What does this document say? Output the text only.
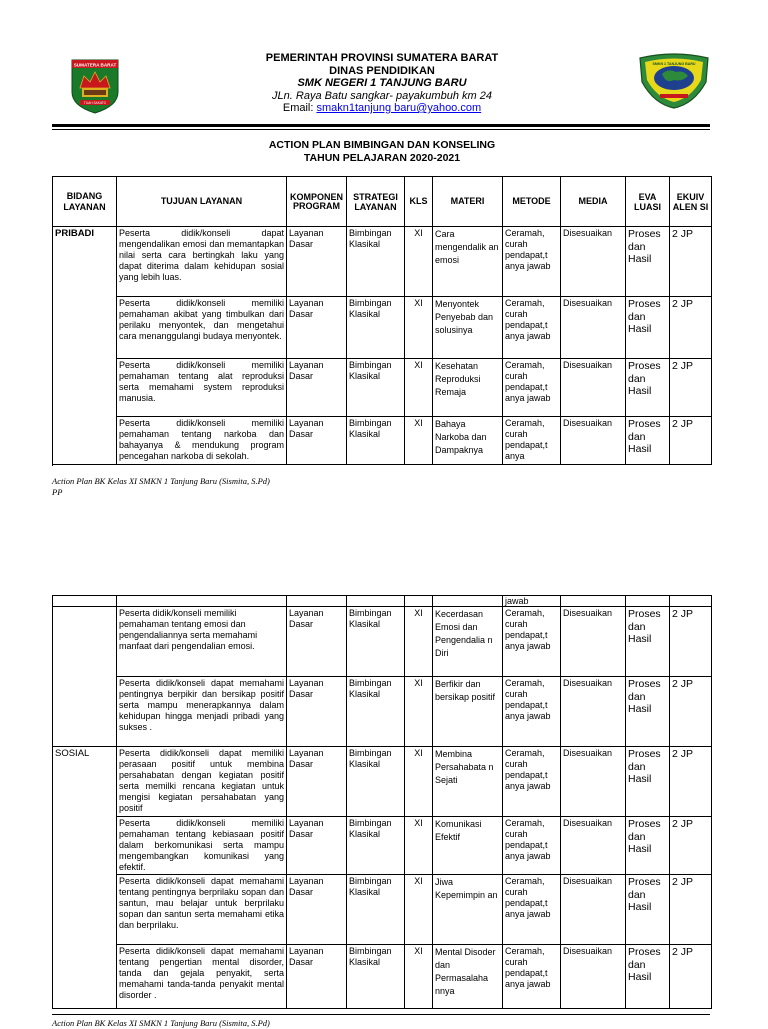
SUMATERA BARAT
TUAH SAKATO
PEMERINTAH PROVINSI SUMATERA BARAT
DINAS PENDIDIKAN
SMK NEGERI 1 TANJUNG BARU
JLn. Raya Batu sangkar- payakumbuh km 24
Email: smakn1tanjung baru@yahoo.com
SMKN 1 TANJUNG BARU
ACTION PLAN BIMBINGAN DAN KONSELING
TAHUN PELAJARAN 2020-2021
BIDANG LAYANAN	TUJUAN LAYANAN	KOMPONEN PROGRAM	STRATEGI LAYANAN	KLS	MATERI	METODE	MEDIA	EVA LUASI	EKUIV ALEN SI
PRIBADI	Peserta didik/konseli dapat mengendalikan emosi dan memantapkan nilai serta cara bertingkah laku yang dapat diterima dalam kehidupan sosial yang lebih luas.	Layanan Dasar	Bimbingan Klasikal	XI	Cara mengendalik an emosi	Ceramah, curah pendapat,t anya jawab	Disesuaikan	Proses dan Hasil	2 JP
	Peserta didik/konseli memiliki pemahaman akibat yang timbulkan dari perilaku menyontek, dan mengetahui cara menanggulangi budaya menyontek.	Layanan Dasar	Bimbingan Klasikal	XI	Menyontek Penyebab dan solusinya	Ceramah, curah pendapat,t anya jawab	Disesuaikan	Proses dan Hasil	2 JP
	Peserta didik/konseli memiliki pemahaman tentang alat reproduksi serta memahami system reproduksi manusia.	Layanan Dasar	Bimbingan Klasikal	XI	Kesehatan Reproduksi Remaja	Ceramah, curah pendapat,t anya jawab	Disesuaikan	Proses dan Hasil	2 JP
	Peserta didik/konseli memiliki pemahaman tentang narkoba dan bahayanya & mendukung program pencegahan narkoba di sekolah.	Layanan Dasar	Bimbingan Klasikal	XI	Bahaya Narkoba dan Dampaknya	Ceramah, curah pendapat,t anya	Disesuaikan	Proses dan Hasil	2 JP
Action Plan BK Kelas XI SMKN 1 Tanjung Baru (Sismita, S.Pd)
PP
						jawab			
	Peserta didik/konseli memiliki pemahaman tentang emosi dan pengendaliannya serta memahami manfaat dari pengendalian emosi.	Layanan Dasar	Bimbingan Klasikal	XI	Kecerdasan Emosi dan Pengendalia n Diri	Ceramah, curah pendapat,t anya jawab	Disesuaikan	Proses dan Hasil	2 JP
	Peserta didik/konseli dapat memahami pentingnya berpikir dan bersikap positif serta mampu menerapkannya dalam kehidupan hingga menjadi pribadi yang sukses .	Layanan Dasar	Bimbingan Klasikal	XI	Berfikir dan bersikap positif	Ceramah, curah pendapat,t anya jawab	Disesuaikan	Proses dan Hasil	2 JP
SOSIAL	Peserta didik/konseli dapat memiliki perasaan positif untuk membina persahabatan dengan kegiatan positif serta memilki rencana kegiatan untuk mengisi kegiatan persahabatan yang positif	Layanan Dasar	Bimbingan Klasikal	XI	Membina Persahabata n Sejati	Ceramah, curah pendapat,t anya jawab	Disesuaikan	Proses dan Hasil	2 JP
	Peserta didik/konseli memiliki pemahaman tentang kebiasaan positif dalam berkomunikasi serta mampu mengembangkan komunikasi yang efektif.	Layanan Dasar	Bimbingan Klasikal	XI	Komunikasi Efektif	Ceramah, curah pendapat,t anya jawab	Disesuaikan	Proses dan Hasil	2 JP
	Peserta didik/konseli dapat memahami tentang pentingnya berprilaku sopan dan santun, mau belajar untuk berprilaku sopan dan santun serta memahami etika dan berprilaku.	Layanan Dasar	Bimbingan Klasikal	XI	Jiwa Kepemimpin an	Ceramah, curah pendapat,t anya jawab	Disesuaikan	Proses dan Hasil	2 JP
	Peserta didik/konseli dapat memahami tentang pengertian mental disorder, tanda dan gejala penyakit, serta memahami tanda-tanda penyakit mental disorder .	Layanan Dasar	Bimbingan Klasikal	XI	Mental Disoder dan Permasalaha nnya	Ceramah, curah pendapat,t anya jawab	Disesuaikan	Proses dan Hasil	2 JP
Action Plan BK Kelas XI SMKN 1 Tanjung Baru (Sismita, S.Pd)
